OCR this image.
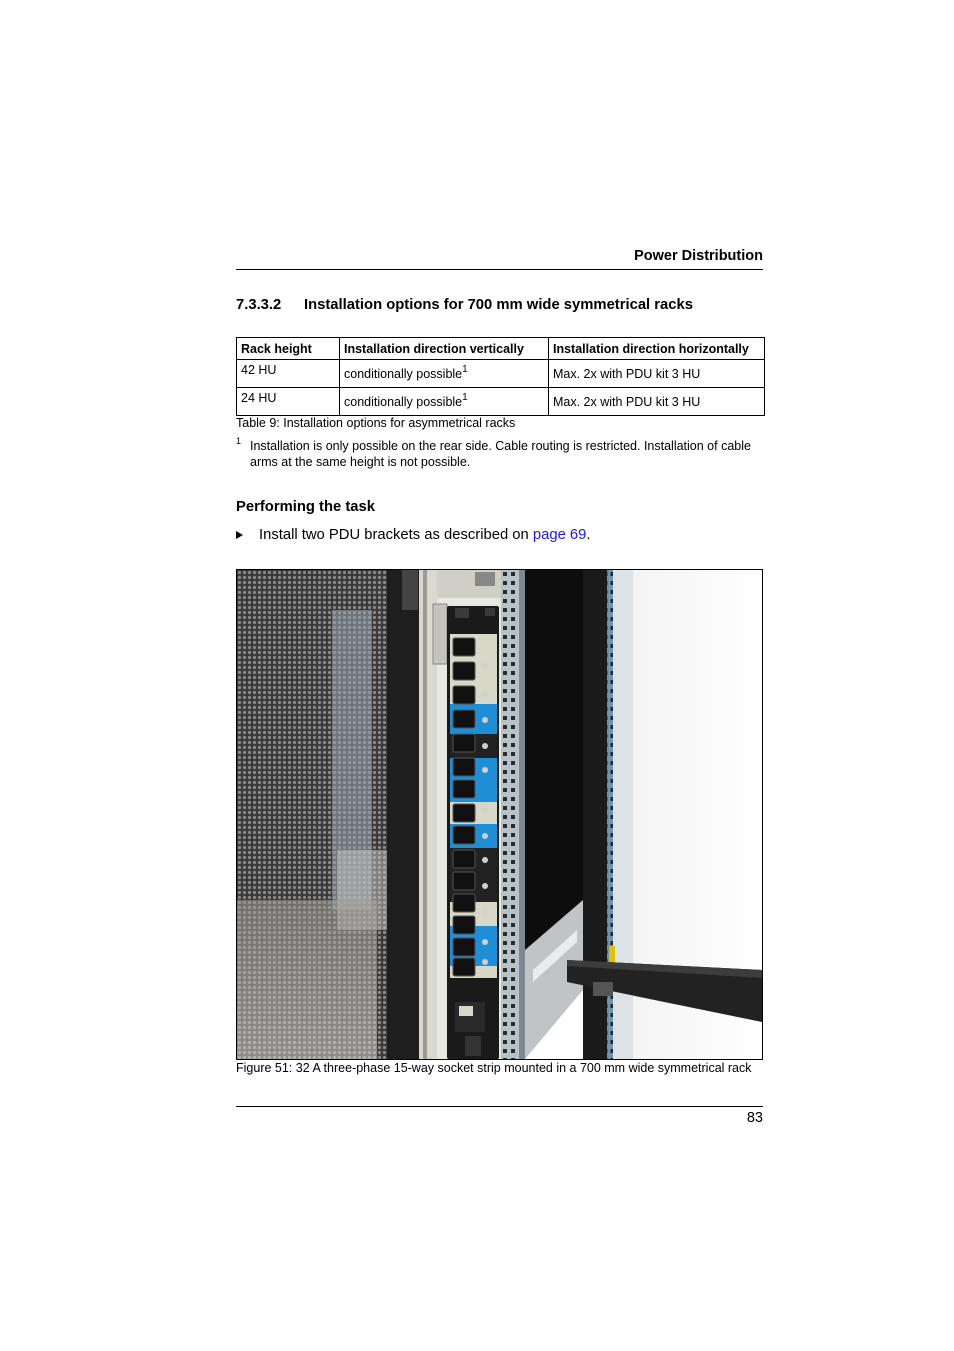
Power Distribution
7.3.3.2 Installation options for 700 mm wide symmetrical racks
Rack height	Installation direction vertically	Installation direction horizontally
42 HU	conditionally possible$^1$	Max. 2x with PDU kit 3 HU
24 HU	conditionally possible$^1$	Max. 2x with PDU kit 3 HU
Table 9: Installation options for asymmetrical racks
1 Installation is only possible on the rear side. Cable routing is restricted. Installation of cable arms at the same height is not possible.
Performing the task
Install two PDU brackets as described on page 69.
Figure 51: 32 A three-phase 15-way socket strip mounted in a 700 mm wide symmetrical rack
83
